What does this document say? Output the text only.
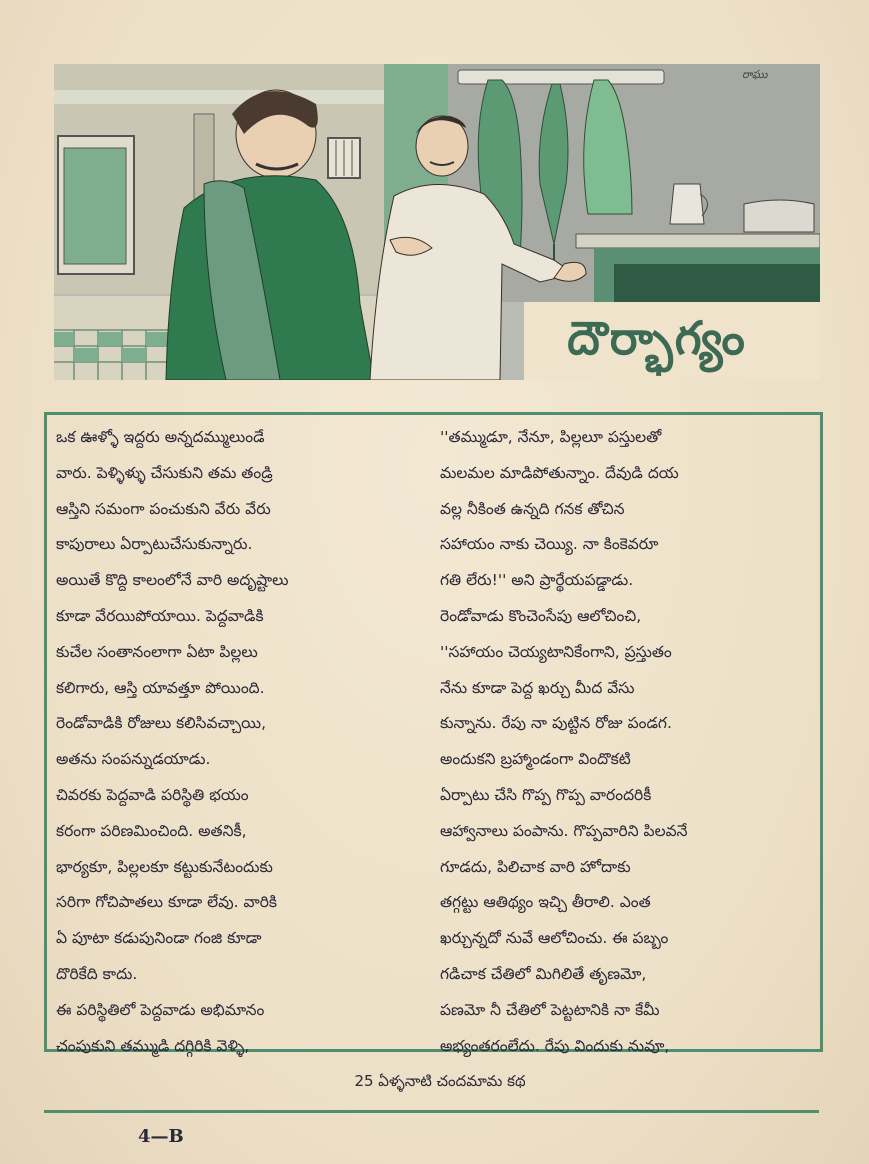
రాఘు
దౌర్భాగ్యం
ఒక ఊళ్ళో ఇద్దరు అన్నదమ్ములుండే
వారు. పెళ్ళిళ్ళు చేసుకుని తమ తండ్రి
ఆస్తిని సమంగా పంచుకుని వేరు వేరు
కాపురాలు ఏర్పాటుచేసుకున్నారు.
అయితే కొద్ది కాలంలోనే వారి అదృష్టాలు
కూడా వేరయిపోయాయి. పెద్దవాడికి
కుచేల సంతానంలాగా ఏటా పిల్లలు
కలిగారు, ఆస్తి యావత్తూ పోయింది.
రెండోవాడికి రోజులు కలిసివచ్చాయి,
అతను సంపన్నుడయాడు.
చివరకు పెద్దవాడి పరిస్థితి భయం
కరంగా పరిణమించింది. అతనికీ,
భార్యకూ, పిల్లలకూ కట్టుకునేటందుకు
సరిగా గోచిపాతలు కూడా లేవు. వారికి
ఏ పూటా కడుపునిండా గంజి కూడా
దొరికేది కాదు.
ఈ పరిస్థితిలో పెద్దవాడు అభిమానం
చంపుకుని తమ్ముడి దగ్గిరికి వెళ్ళి,
''తమ్ముడూ, నేనూ, పిల్లలూ పస్తులతో
మలమల మాడిపోతున్నాం. దేవుడి దయ
వల్ల నీకింత ఉన్నది గనక తోచిన
సహాయం నాకు చెయ్యి. నా కింకెవరూ
గతి లేరు!'' అని ప్రార్థేయపడ్డాడు.
రెండోవాడు కొంచెంసేపు ఆలోచించి,
''సహాయం చెయ్యటానికేంగాని, ప్రస్తుతం
నేను కూడా పెద్ద ఖర్చు మీద వేసు
కున్నాను. రేపు నా పుట్టిన రోజు పండగ.
అందుకని బ్రహ్మాండంగా విందొకటి
ఏర్పాటు చేసి గొప్ప గొప్ప వారందరికీ
ఆహ్వానాలు పంపాను. గొప్పవారిని పిలవనే
గూడదు, పిలిచాక వారి హోదాకు
తగ్గట్టు ఆతిథ్యం ఇచ్చి తీరాలి. ఎంత
ఖర్చున్నదో నువే ఆలోచించు. ఈ పబ్బం
గడిచాక చేతిలో మిగిలితే తృణమో,
పణమో నీ చేతిలో పెట్టటానికి నా కేమీ
అభ్యంతరంలేదు. రేపు విందుకు నువూ,
25 ఏళ్ళనాటి చందమామ కథ
4—B
